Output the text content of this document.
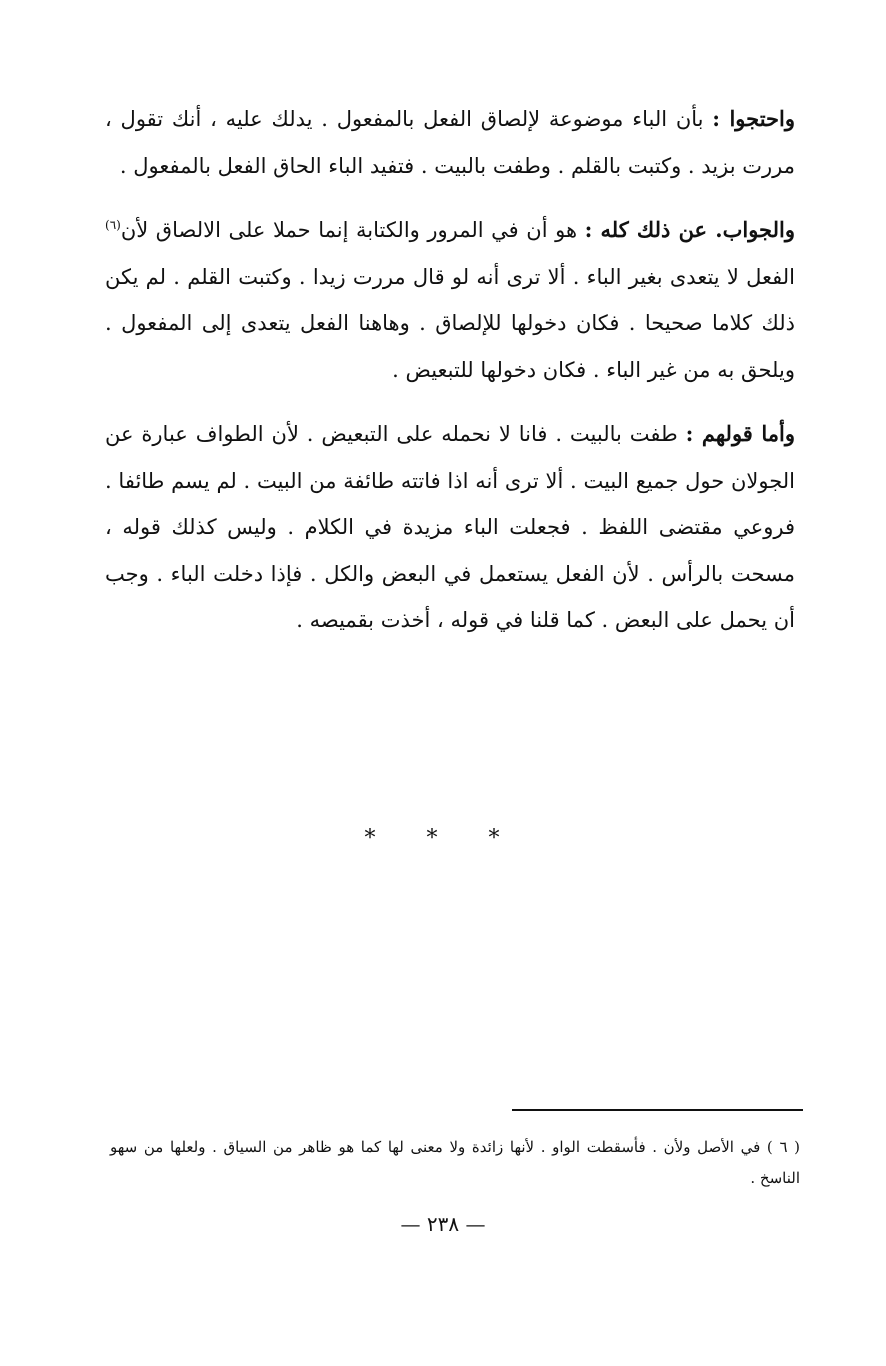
واحتجوا : بأن الباء موضوعة لإلصاق الفعل بالمفعول . يدلك عليه ، أنك تقول ، مررت بزيد . وكتبت بالقلم . وطفت بالبيت . فتفيد الباء الحاق الفعل بالمفعول .

والجواب. عن ذلك كله : هو أن في المرور والكتابة إنما حملا على الالصاق لأن$^{(٦)}$ الفعل لا يتعدى بغير الباء . ألا ترى أنه لو قال مررت زيدا . وكتبت القلم . لم يكن ذلك كلاما صحيحا . فكان دخولها للإلصاق . وهاهنا الفعل يتعدى إلى المفعول . ويلحق به من غير الباء . فكان دخولها للتبعيض .

وأما قولهم : طفت بالبيت . فانا لا نحمله على التبعيض . لأن الطواف عبارة عن الجولان حول جميع البيت . ألا ترى أنه اذا فاتته طائفة من البيت . لم يسم طائفا . فروعي مقتضى اللفظ . فجعلت الباء مزيدة في الكلام . وليس كذلك قوله ، مسحت بالرأس . لأن الفعل يستعمل في البعض والكل . فإذا دخلت الباء . وجب أن يحمل على البعض . كما قلنا في قوله ، أخذت بقميصه .

* * *
( ٦ ) في الأصل ولأن . فأسقطت الواو . لأنها زائدة ولا معنى لها كما هو ظاهر من السياق . ولعلها من سهو الناسخ .
— ٢٣٨ —
